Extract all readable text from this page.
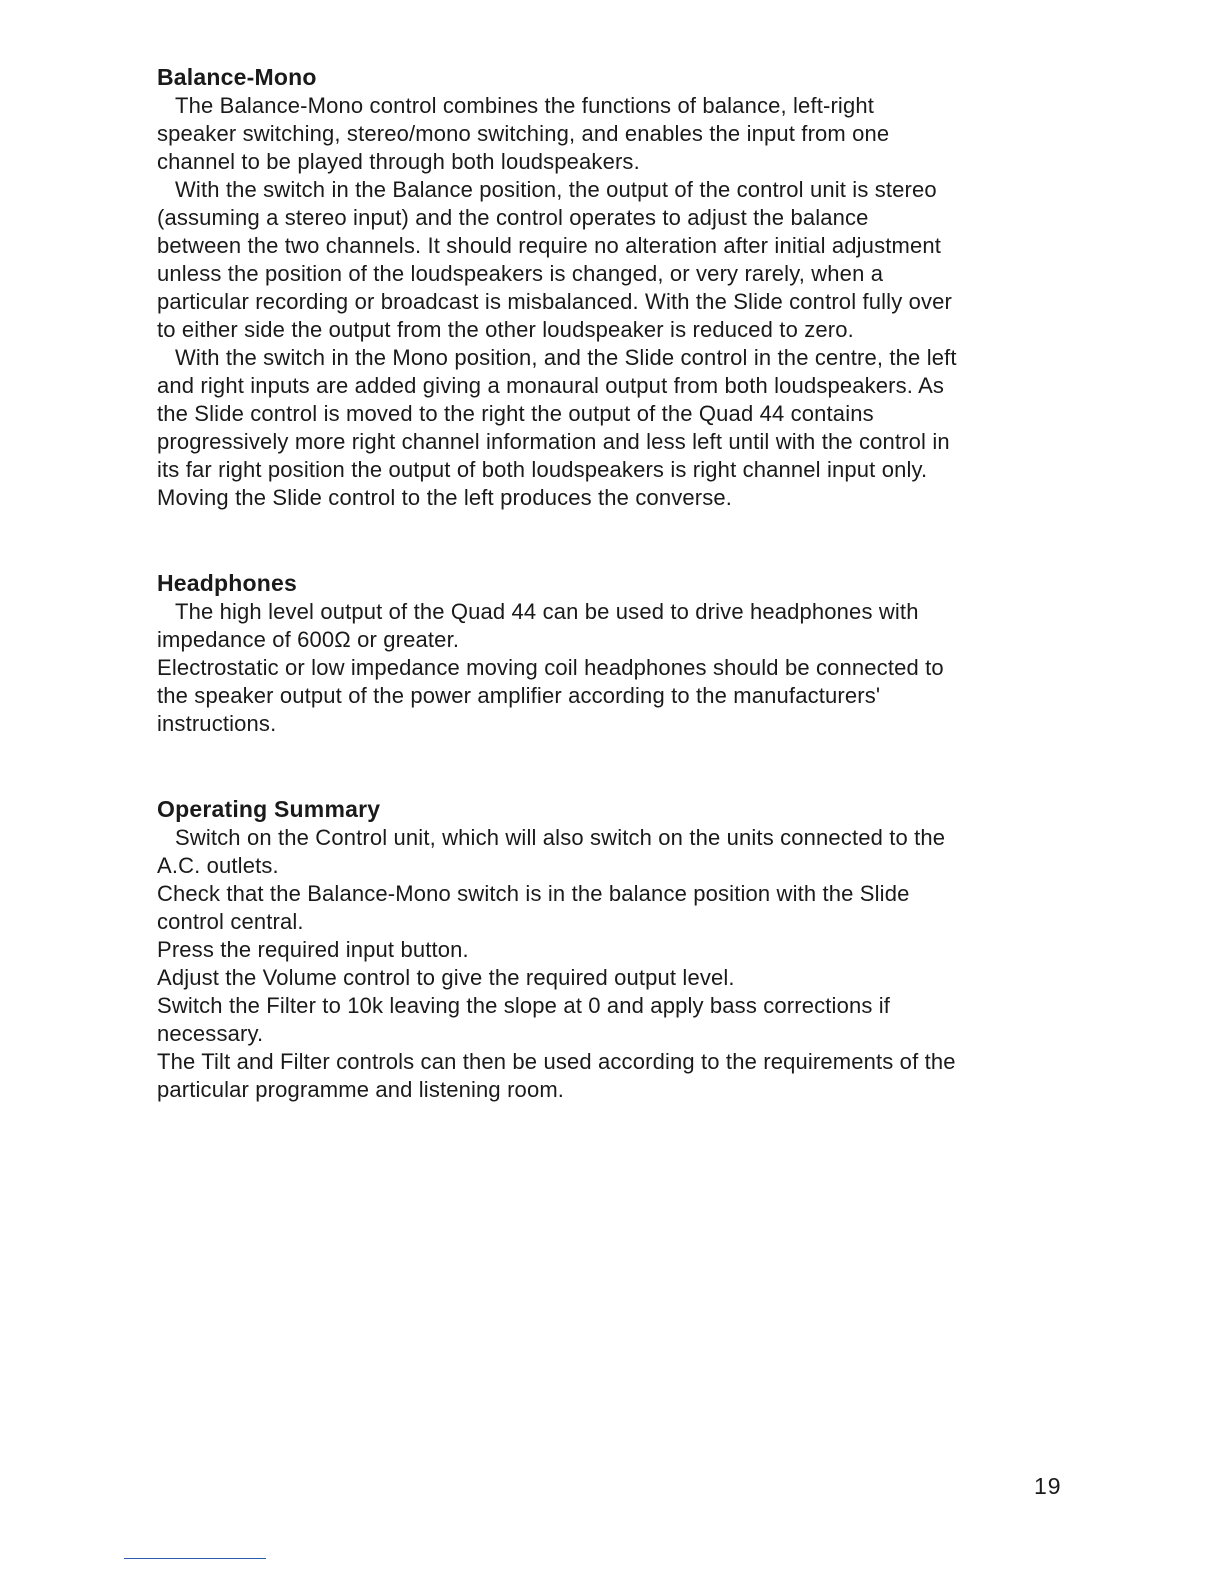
Balance-Mono

The Balance-Mono control combines the functions of balance, left-right speaker switching, stereo/mono switching, and enables the input from one channel to be played through both loudspeakers.

With the switch in the Balance position, the output of the control unit is stereo (assuming a stereo input) and the control operates to adjust the balance between the two channels. It should require no alteration after initial adjustment unless the position of the loudspeakers is changed, or very rarely, when a particular recording or broadcast is misbalanced. With the Slide control fully over to either side the output from the other loudspeaker is reduced to zero.

With the switch in the Mono position, and the Slide control in the centre, the left and right inputs are added giving a monaural output from both loudspeakers. As the Slide control is moved to the right the output of the Quad 44 contains progressively more right channel information and less left until with the control in its far right position the output of both loudspeakers is right channel input only. Moving the Slide control to the left produces the converse.

Headphones

The high level output of the Quad 44 can be used to drive headphones with impedance of 600Ω or greater.

Electrostatic or low impedance moving coil headphones should be connected to the speaker output of the power amplifier according to the manufacturers' instructions.

Operating Summary

Switch on the Control unit, which will also switch on the units connected to the A.C. outlets.

Check that the Balance-Mono switch is in the balance position with the Slide control central.

Press the required input button.

Adjust the Volume control to give the required output level.

Switch the Filter to 10k leaving the slope at 0 and apply bass corrections if necessary.

The Tilt and Filter controls can then be used according to the requirements of the particular programme and listening room.

19
